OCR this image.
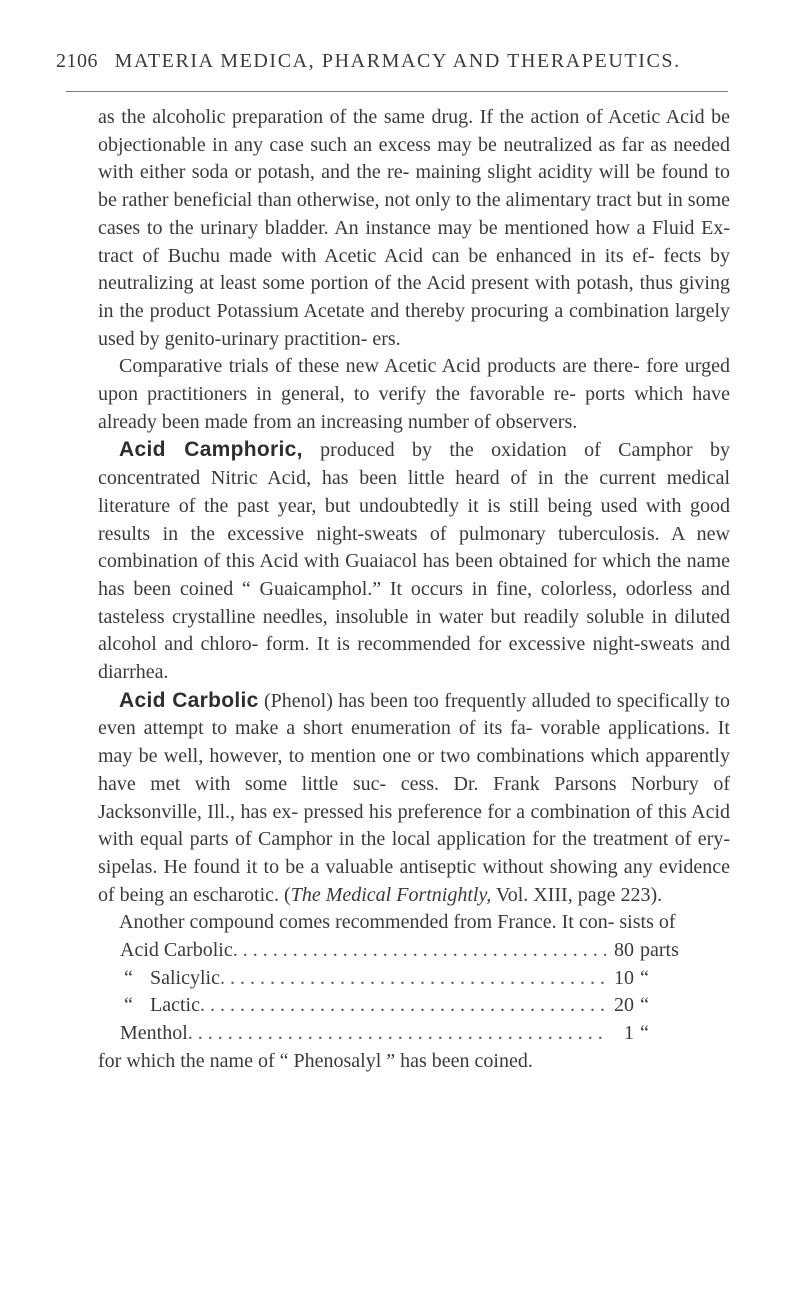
2106 MATERIA MEDICA, PHARMACY AND THERAPEUTICS.

as the alcoholic preparation of the same drug. If the action of Acetic Acid be objectionable in any case such an excess may be neutralized as far as needed with either soda or potash, and the re- maining slight acidity will be found to be rather beneficial than otherwise, not only to the alimentary tract but in some cases to the urinary bladder. An instance may be mentioned how a Fluid Ex- tract of Buchu made with Acetic Acid can be enhanced in its ef- fects by neutralizing at least some portion of the Acid present with potash, thus giving in the product Potassium Acetate and thereby procuring a combination largely used by genito-urinary practition- ers.

Comparative trials of these new Acetic Acid products are there- fore urged upon practitioners in general, to verify the favorable re- ports which have already been made from an increasing number of observers.

Acid Camphoric, produced by the oxidation of Camphor by concentrated Nitric Acid, has been little heard of in the current medical literature of the past year, but undoubtedly it is still being used with good results in the excessive night-sweats of pulmonary tuberculosis. A new combination of this Acid with Guaiacol has been obtained for which the name has been coined “ Guaicamphol.” It occurs in fine, colorless, odorless and tasteless crystalline needles, insoluble in water but readily soluble in diluted alcohol and chloro- form. It is recommended for excessive night-sweats and diarrhea.

Acid Carbolic (Phenol) has been too frequently alluded to specifically to even attempt to make a short enumeration of its fa- vorable applications. It may be well, however, to mention one or two combinations which apparently have met with some little suc- cess. Dr. Frank Parsons Norbury of Jacksonville, Ill., has ex- pressed his preference for a combination of this Acid with equal parts of Camphor in the local application for the treatment of ery- sipelas. He found it to be a valuable antiseptic without showing any evidence of being an escharotic. (The Medical Fortnightly, Vol. XIII, page 223).

Another compound comes recommended from France. It con- sists of

Acid Carbolic . . .	80 parts
“ Salicylic . . .	10 “
“ Lactic . . .	20 “
Menthol . . .	1 “

for which the name of “ Phenosalyl ” has been coined.
